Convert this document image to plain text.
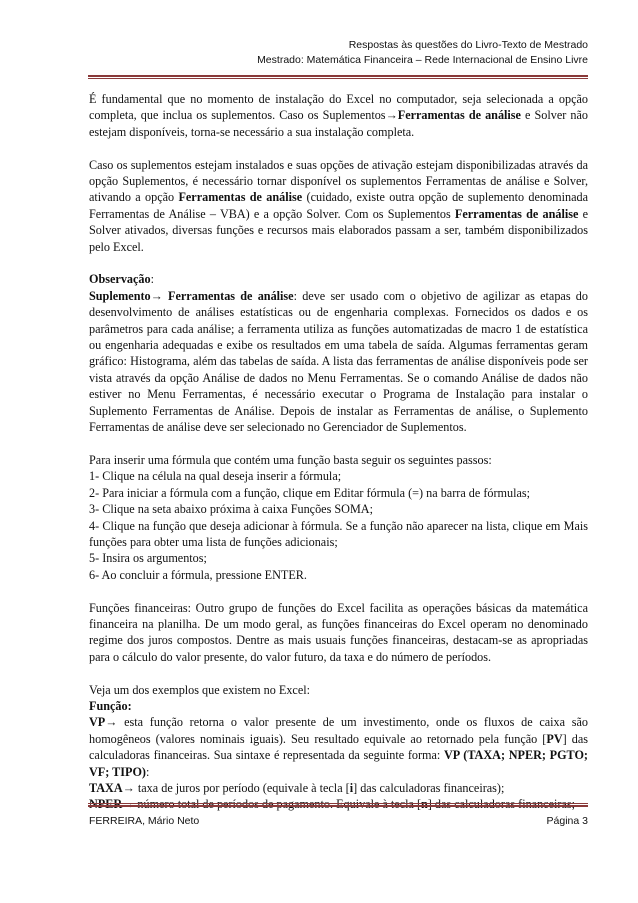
Respostas às questões do Livro-Texto de Mestrado
Mestrado: Matemática Financeira – Rede Internacional de Ensino Livre

É fundamental que no momento de instalação do Excel no computador, seja selecionada a opção completa, que inclua os suplementos. Caso os Suplementos→Ferramentas de análise e Solver não estejam disponíveis, torna-se necessário a sua instalação completa.

Caso os suplementos estejam instalados e suas opções de ativação estejam disponibilizadas através da opção Suplementos, é necessário tornar disponível os suplementos Ferramentas de análise e Solver, ativando a opção Ferramentas de análise (cuidado, existe outra opção de suplemento denominada Ferramentas de Análise – VBA) e a opção Solver. Com os Suplementos Ferramentas de análise e Solver ativados, diversas funções e recursos mais elaborados passam a ser, também disponibilizados pelo Excel.

Observação:

Suplemento→ Ferramentas de análise: deve ser usado com o objetivo de agilizar as etapas do desenvolvimento de análises estatísticas ou de engenharia complexas. Fornecidos os dados e os parâmetros para cada análise; a ferramenta utiliza as funções automatizadas de macro 1 de estatística ou engenharia adequadas e exibe os resultados em uma tabela de saída. Algumas ferramentas geram gráfico: Histograma, além das tabelas de saída. A lista das ferramentas de análise disponíveis pode ser vista através da opção Análise de dados no Menu Ferramentas. Se o comando Análise de dados não estiver no Menu Ferramentas, é necessário executar o Programa de Instalação para instalar o Suplemento Ferramentas de Análise. Depois de instalar as Ferramentas de análise, o Suplemento Ferramentas de análise deve ser selecionado no Gerenciador de Suplementos.

Para inserir uma fórmula que contém uma função basta seguir os seguintes passos:
1- Clique na célula na qual deseja inserir a fórmula;
2- Para iniciar a fórmula com a função, clique em Editar fórmula (=) na barra de fórmulas;
3- Clique na seta abaixo próxima à caixa Funções SOMA;
4- Clique na função que deseja adicionar à fórmula. Se a função não aparecer na lista, clique em Mais funções para obter uma lista de funções adicionais;
5- Insira os argumentos;
6- Ao concluir a fórmula, pressione ENTER.

Funções financeiras: Outro grupo de funções do Excel facilita as operações básicas da matemática financeira na planilha. De um modo geral, as funções financeiras do Excel operam no denominado regime dos juros compostos. Dentre as mais usuais funções financeiras, destacam-se as apropriadas para o cálculo do valor presente, do valor futuro, da taxa e do número de períodos.

Veja um dos exemplos que existem no Excel:
Função:
VP→ esta função retorna o valor presente de um investimento, onde os fluxos de caixa são homogêneos (valores nominais iguais). Seu resultado equivale ao retornado pela função [PV] das calculadoras financeiras. Sua sintaxe é representada da seguinte forma: VP (TAXA; NPER; PGTO; VF; TIPO):
TAXA→ taxa de juros por período (equivale à tecla [i] das calculadoras financeiras);
FERREIRA, Mário Neto	Página 3
